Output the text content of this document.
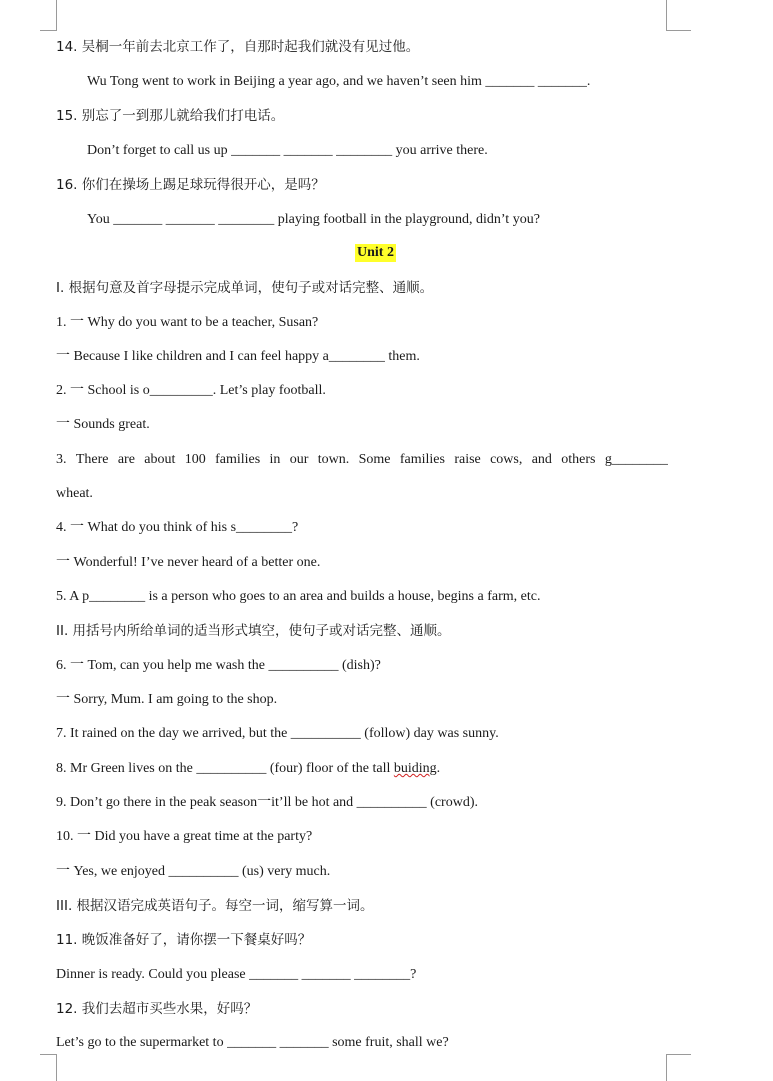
14. 吴桐一年前去北京工作了，自那时起我们就没有见过他。
Wu Tong went to work in Beijing a year ago, and we haven’t seen him _______ _______.
15. 别忘了一到那儿就给我们打电话。
Don’t forget to call us up _______ _______ ________ you arrive there.
16. 你们在操场上踢足球玩得很开心，是吗？
You _______ _______ ________ playing football in the playground, didn’t you?
Unit 2
I. 根据句意及首字母提示完成单词，使句子或对话完整、通顺。
1. 一 Why do you want to be a teacher, Susan?
一 Because I like children and I can feel happy a________ them.
2. 一 School is o_________. Let’s play football.
一 Sounds great.
3. There are about 100 families in our town. Some families raise cows, and others g________
wheat.
4. 一 What do you think of his s________?
一 Wonderful! I’ve never heard of a better one.
5. A p________ is a person who goes to an area and builds a house, begins a farm, etc.
II. 用括号内所给单词的适当形式填空，使句子或对话完整、通顺。
6. 一 Tom, can you help me wash the __________ (dish)?
一 Sorry, Mum. I am going to the shop.
7. It rained on the day we arrived, but the __________ (follow) day was sunny.
8. Mr Green lives on the __________ (four) floor of the tall buiding.
9. Don’t go there in the peak season一it’ll be hot and __________ (crowd).
10. 一 Did you have a great time at the party?
一 Yes, we enjoyed __________ (us) very much.
III. 根据汉语完成英语句子。每空一词，缩写算一词。
11. 晚饭准备好了，请你摆一下餐桌好吗？
Dinner is ready. Could you please _______ _______ ________?
12. 我们去超市买些水果，好吗？
Let’s go to the supermarket to _______ _______ some fruit, shall we?
